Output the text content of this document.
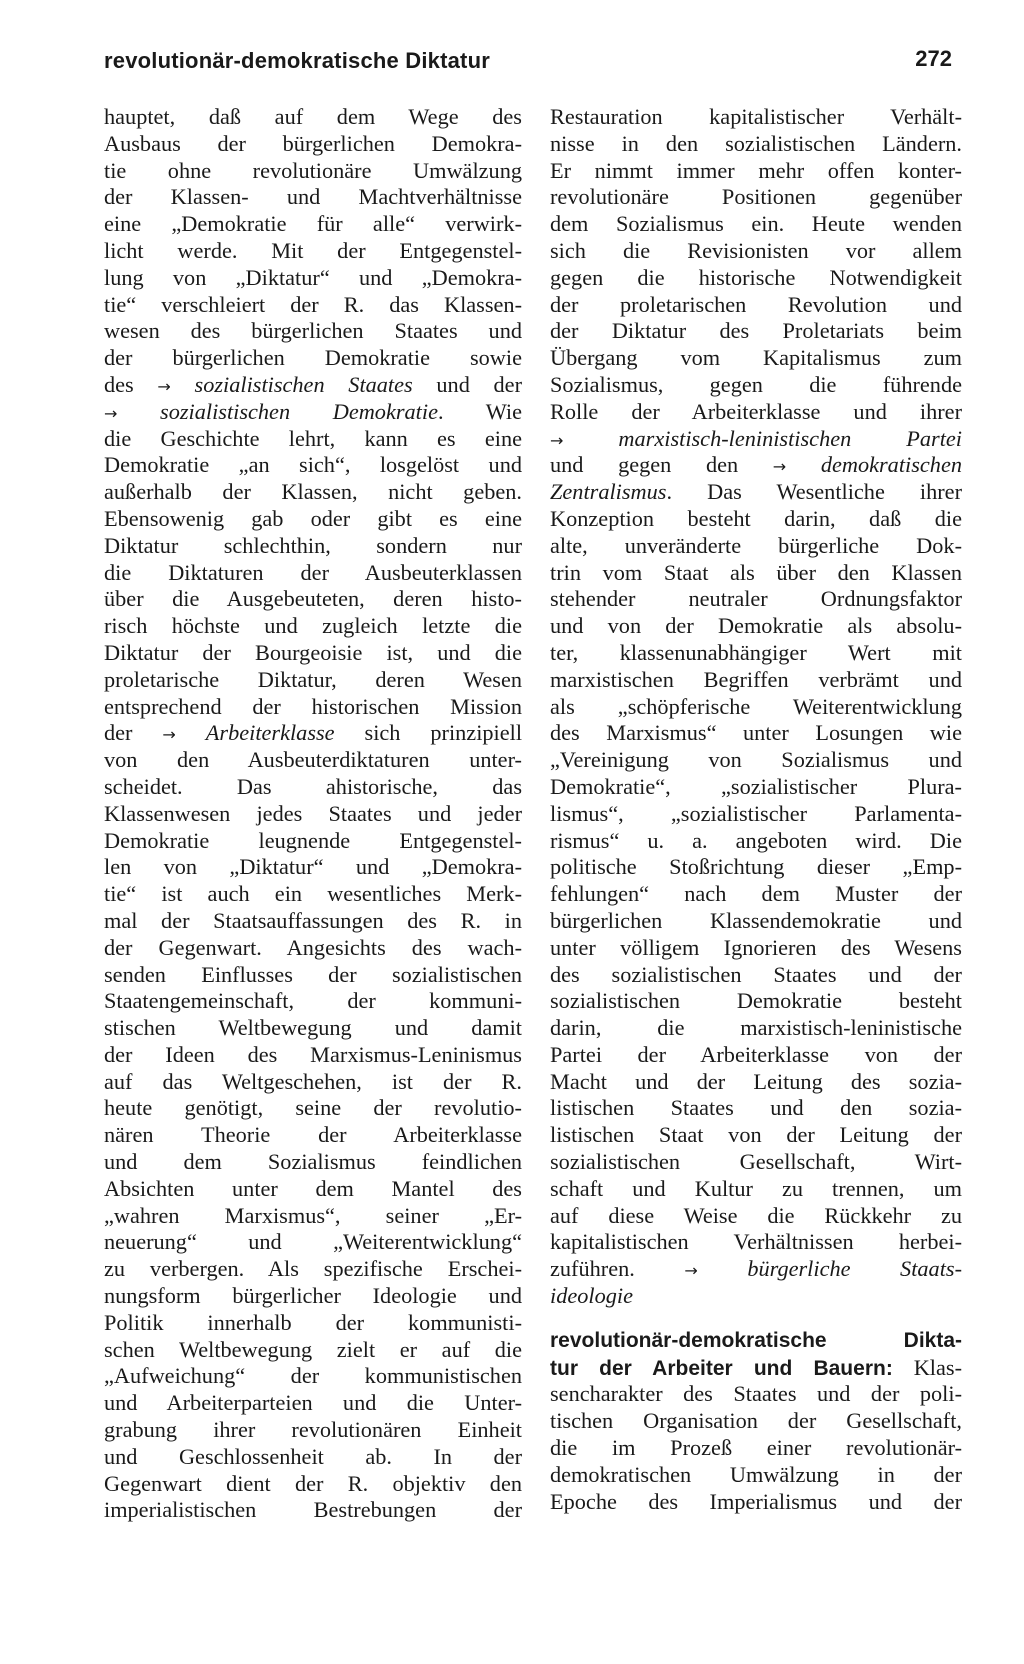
revolutionär-demokratische Diktatur	272
hauptet, daß auf dem Wege des
Ausbaus der bürgerlichen Demokra-
tie ohne revolutionäre Umwälzung
der Klassen- und Machtverhältnisse
eine „Demokratie für alle“ verwirk-
licht werde. Mit der Entgegenstel-
lung von „Diktatur“ und „Demokra-
tie“ verschleiert der R. das Klassen-
wesen des bürgerlichen Staates und
der bürgerlichen Demokratie sowie
des → sozialistischen Staates und der
→ sozialistischen Demokratie. Wie
die Geschichte lehrt, kann es eine
Demokratie „an sich“, losgelöst und
außerhalb der Klassen, nicht geben.
Ebensowenig gab oder gibt es eine
Diktatur schlechthin, sondern nur
die Diktaturen der Ausbeuterklassen
über die Ausgebeuteten, deren histo-
risch höchste und zugleich letzte die
Diktatur der Bourgeoisie ist, und die
proletarische Diktatur, deren Wesen
entsprechend der historischen Mission
der → Arbeiterklasse sich prinzipiell
von den Ausbeuterdiktaturen unter-
scheidet. Das ahistorische, das
Klassenwesen jedes Staates und jeder
Demokratie leugnende Entgegenstel-
len von „Diktatur“ und „Demokra-
tie“ ist auch ein wesentliches Merk-
mal der Staatsauffassungen des R. in
der Gegenwart. Angesichts des wach-
senden Einflusses der sozialistischen
Staatengemeinschaft, der kommuni-
stischen Weltbewegung und damit
der Ideen des Marxismus-Leninismus
auf das Weltgeschehen, ist der R.
heute genötigt, seine der revolutio-
nären Theorie der Arbeiterklasse
und dem Sozialismus feindlichen
Absichten unter dem Mantel des
„wahren Marxismus“, seiner „Er-
neuerung“ und „Weiterentwicklung“
zu verbergen. Als spezifische Erschei-
nungsform bürgerlicher Ideologie und
Politik innerhalb der kommunisti-
schen Weltbewegung zielt er auf die
„Aufweichung“ der kommunistischen
und Arbeiterparteien und die Unter-
grabung ihrer revolutionären Einheit
und Geschlossenheit ab. In der
Gegenwart dient der R. objektiv den
imperialistischen Bestrebungen der
Restauration kapitalistischer Verhält-
nisse in den sozialistischen Ländern.
Er nimmt immer mehr offen konter-
revolutionäre Positionen gegenüber
dem Sozialismus ein. Heute wenden
sich die Revisionisten vor allem
gegen die historische Notwendigkeit
der proletarischen Revolution und
der Diktatur des Proletariats beim
Übergang vom Kapitalismus zum
Sozialismus, gegen die führende
Rolle der Arbeiterklasse und ihrer
→ marxistisch-leninistischen Partei
und gegen den → demokratischen
Zentralismus. Das Wesentliche ihrer
Konzeption besteht darin, daß die
alte, unveränderte bürgerliche Dok-
trin vom Staat als über den Klassen
stehender neutraler Ordnungsfaktor
und von der Demokratie als absolu-
ter, klassenunabhängiger Wert mit
marxistischen Begriffen verbrämt und
als „schöpferische Weiterentwicklung
des Marxismus“ unter Losungen wie
„Vereinigung von Sozialismus und
Demokratie“, „sozialistischer Plura-
lismus“, „sozialistischer Parlamenta-
rismus“ u. a. angeboten wird. Die
politische Stoßrichtung dieser „Emp-
fehlungen“ nach dem Muster der
bürgerlichen Klassendemokratie und
unter völligem Ignorieren des Wesens
des sozialistischen Staates und der
sozialistischen Demokratie besteht
darin, die marxistisch-leninistische
Partei der Arbeiterklasse von der
Macht und der Leitung des sozia-
listischen Staates und den sozia-
listischen Staat von der Leitung der
sozialistischen Gesellschaft, Wirt-
schaft und Kultur zu trennen, um
auf diese Weise die Rückkehr zu
kapitalistischen Verhältnissen herbei-
zuführen. → bürgerliche Staats-
ideologie
revolutionär-demokratische Dikta-
tur der Arbeiter und Bauern: Klas-
sencharakter des Staates und der poli-
tischen Organisation der Gesellschaft,
die im Prozeß einer revolutionär-
demokratischen Umwälzung in der
Epoche des Imperialismus und der
